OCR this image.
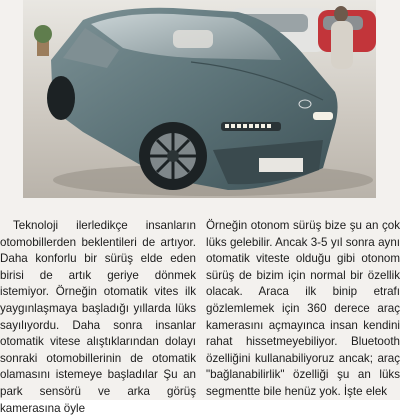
Teknoloji ilerledikçe insanların otomobillerden beklentileri de artıyor. Daha konforlu bir sürüş elde eden birisi de artık geriye dönmek istemiyor. Örneğin otomatik vites ilk yaygınlaşmaya başladığı yıllarda lüks sayılıyordu. Daha sonra insanlar otomatik vitese alıştıklarından dolayı sonraki otomobillerinin de otomatik olamasını istemeye başladılar Şu an park sensörü ve arka görüş kamerasına öyle

Örneğin otonom sürüş bize şu an çok lüks gelebilir. Ancak 3-5 yıl sonra aynı otomatik viteste olduğu gibi otonom sürüş de bizim için normal bir özellik olacak. Araca ilk binip etrafı gözlemlemek için 360 derece araç kamerasını açmayınca insan kendini rahat hissetmeyebiliyor. Bluetooth özelliğini kullanabiliyoruz ancak; araç "bağlanabilirlik" özelliği şu an lüks segmentte bile henüz yok. İşte elek
